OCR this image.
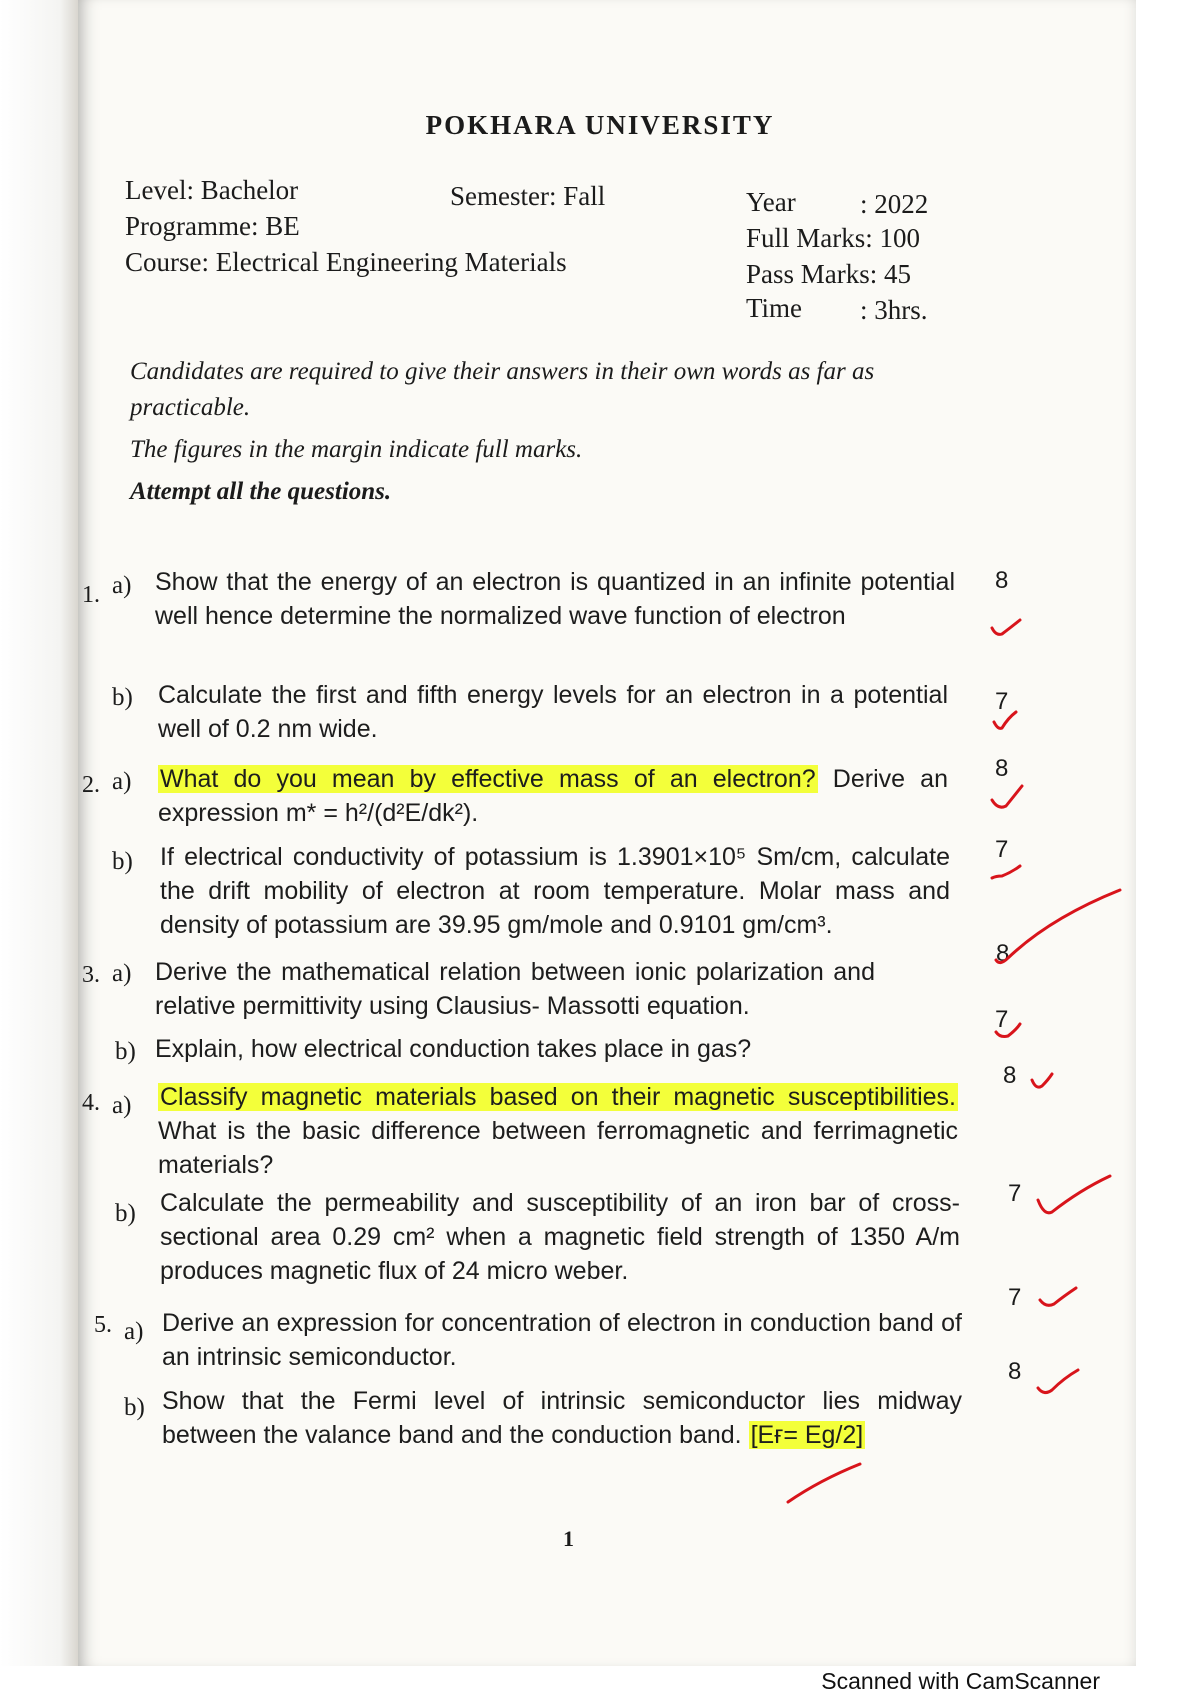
POKHARA UNIVERSITY
Level: Bachelor
Programme: BE
Course: Electrical Engineering Materials
Semester: Fall	Year : 2022
Full Marks: 100
Pass Marks: 45
Time : 3hrs.
Candidates are required to give their answers in their own words as far as practicable.
The figures in the margin indicate full marks.
Attempt all the questions.
1. a) Show that the energy of an electron is quantized in an infinite potential well hence determine the normalized wave function of electron
8
b) Calculate the first and fifth energy levels for an electron in a potential well of 0.2 nm wide.
7
2. a) What do you mean by effective mass of an electron? Derive an expression m* = h²/(d²E/dk²).
8
b) If electrical conductivity of potassium is 1.3901×10⁵ Sm/cm, calculate the drift mobility of electron at room temperature. Molar mass and density of potassium are 39.95 gm/mole and 0.9101 gm/cm³.
7
3. a) Derive the mathematical relation between ionic polarization and relative permittivity using Clausius- Massotti equation.
8
b) Explain, how electrical conduction takes place in gas?
7
4. a) Classify magnetic materials based on their magnetic susceptibilities. What is the basic difference between ferromagnetic and ferrimagnetic materials?
8
b) Calculate the permeability and susceptibility of an iron bar of cross-sectional area 0.29 cm² when a magnetic field strength of 1350 A/m produces magnetic flux of 24 micro weber.
7
5. a) Derive an expression for concentration of electron in conduction band of an intrinsic semiconductor.
7
b) Show that the Fermi level of intrinsic semiconductor lies midway between the valance band and the conduction band. [Eғ= Eg/2]
8
1
Scanned with CamScanner
